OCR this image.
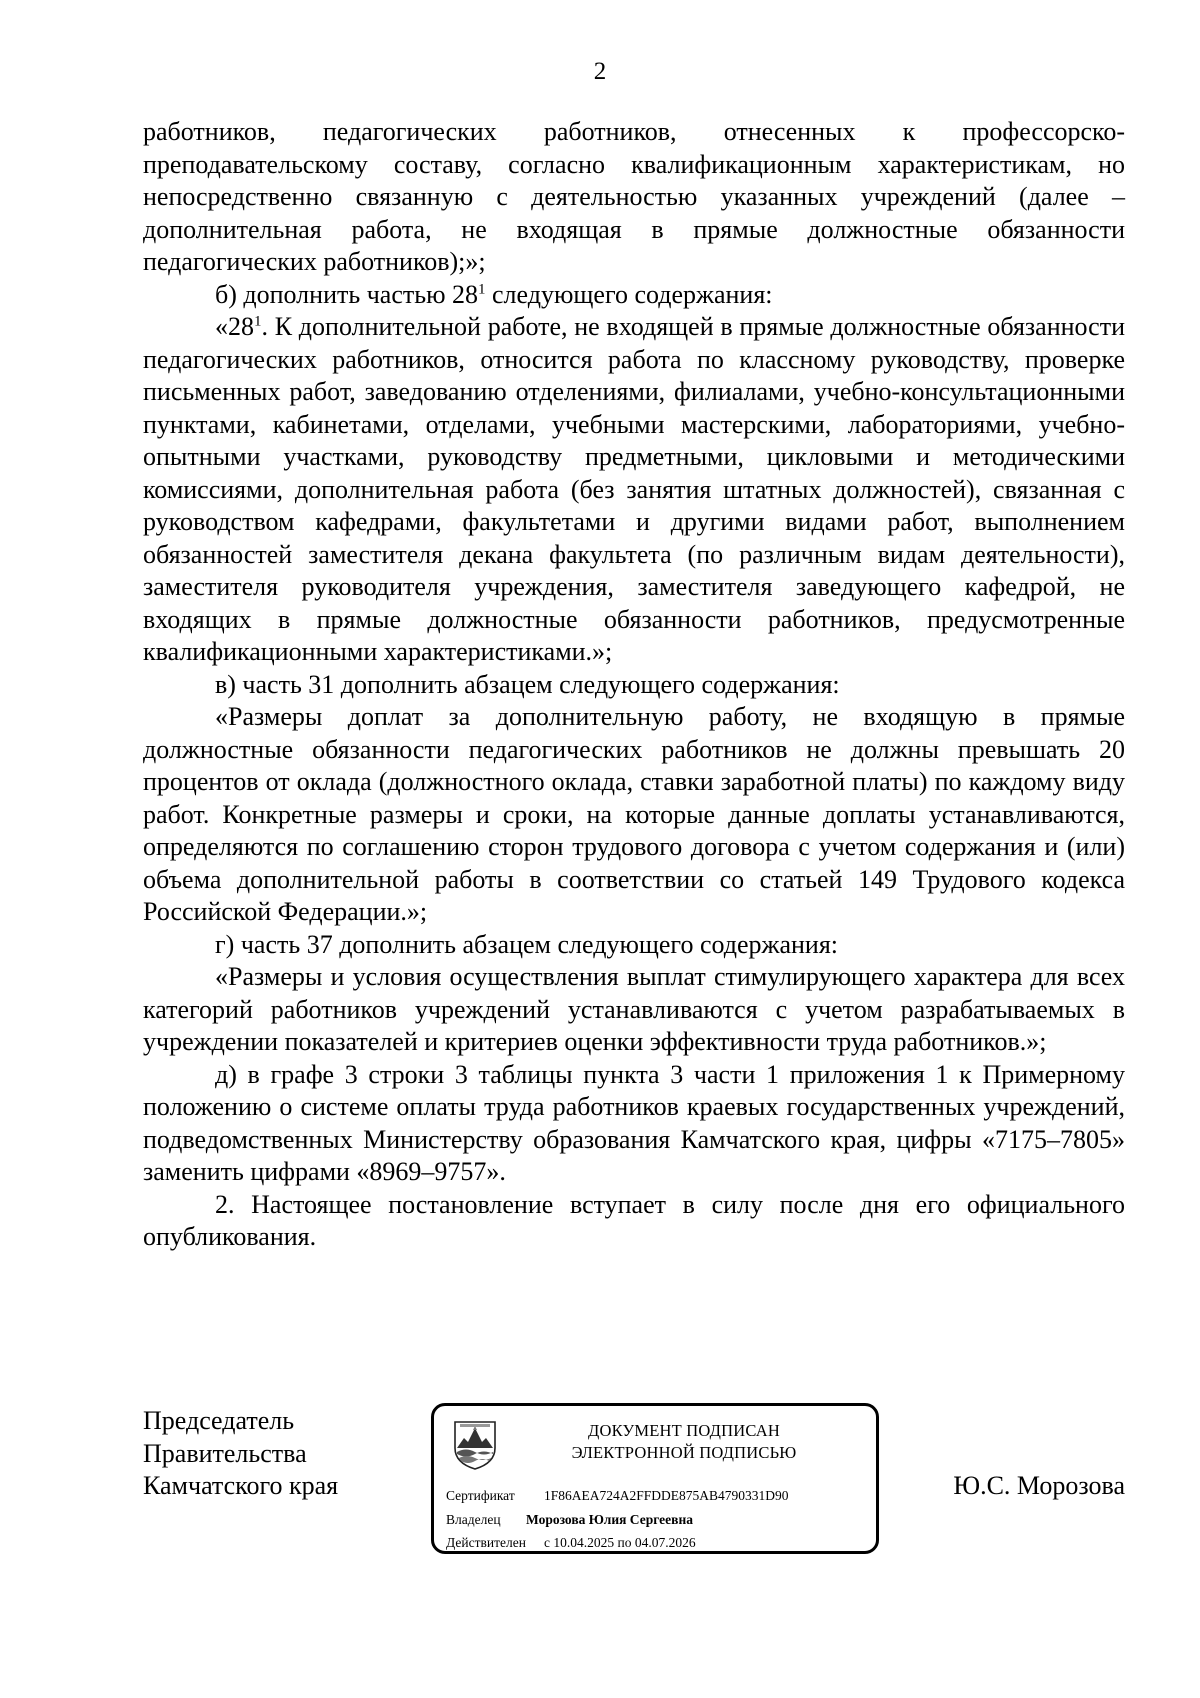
2

работников, педагогических работников, отнесенных к профессорско-преподавательскому составу, согласно квалификационным характеристикам, но непосредственно связанную с деятельностью указанных учреждений (далее – дополнительная работа, не входящая в прямые должностные обязанности педагогических работников);»;

б) дополнить частью $28^1$ следующего содержания:

«$28^1$. К дополнительной работе, не входящей в прямые должностные обязанности педагогических работников, относится работа по классному руководству, проверке письменных работ, заведованию отделениями, филиалами, учебно-консультационными пунктами, кабинетами, отделами, учебными мастерскими, лабораториями, учебно-опытными участками, руководству предметными, цикловыми и методическими комиссиями, дополнительная работа (без занятия штатных должностей), связанная с руководством кафедрами, факультетами и другими видами работ, выполнением обязанностей заместителя декана факультета (по различным видам деятельности), заместителя руководителя учреждения, заместителя заведующего кафедрой, не входящих в прямые должностные обязанности работников, предусмотренные квалификационными характеристиками.»;

в) часть 31 дополнить абзацем следующего содержания:

«Размеры доплат за дополнительную работу, не входящую в прямые должностные обязанности педагогических работников не должны превышать 20 процентов от оклада (должностного оклада, ставки заработной платы) по каждому виду работ. Конкретные размеры и сроки, на которые данные доплаты устанавливаются, определяются по соглашению сторон трудового договора с учетом содержания и (или) объема дополнительной работы в соответствии со статьей 149 Трудового кодекса Российской Федерации.»;

г) часть 37 дополнить абзацем следующего содержания:

«Размеры и условия осуществления выплат стимулирующего характера для всех категорий работников учреждений устанавливаются с учетом разрабатываемых в учреждении показателей и критериев оценки эффективности труда работников.»;

д) в графе 3 строки 3 таблицы пункта 3 части 1 приложения 1 к Примерному положению о системе оплаты труда работников краевых государственных учреждений, подведомственных Министерству образования Камчатского края, цифры «7175–7805» заменить цифрами «8969–9757».

2. Настоящее постановление вступает в силу после дня его официального опубликования.

Председатель
Правительства
Камчатского края
ДОКУМЕНТ ПОДПИСАН
ЭЛЕКТРОННОЙ ПОДПИСЬЮ
Сертификат 1F86AEA724A2FFDDE875AB4790331D90
Владелец Морозова Юлия Сергеевна
Действителен с 10.04.2025 по 04.07.2026
Ю.С. Морозова
